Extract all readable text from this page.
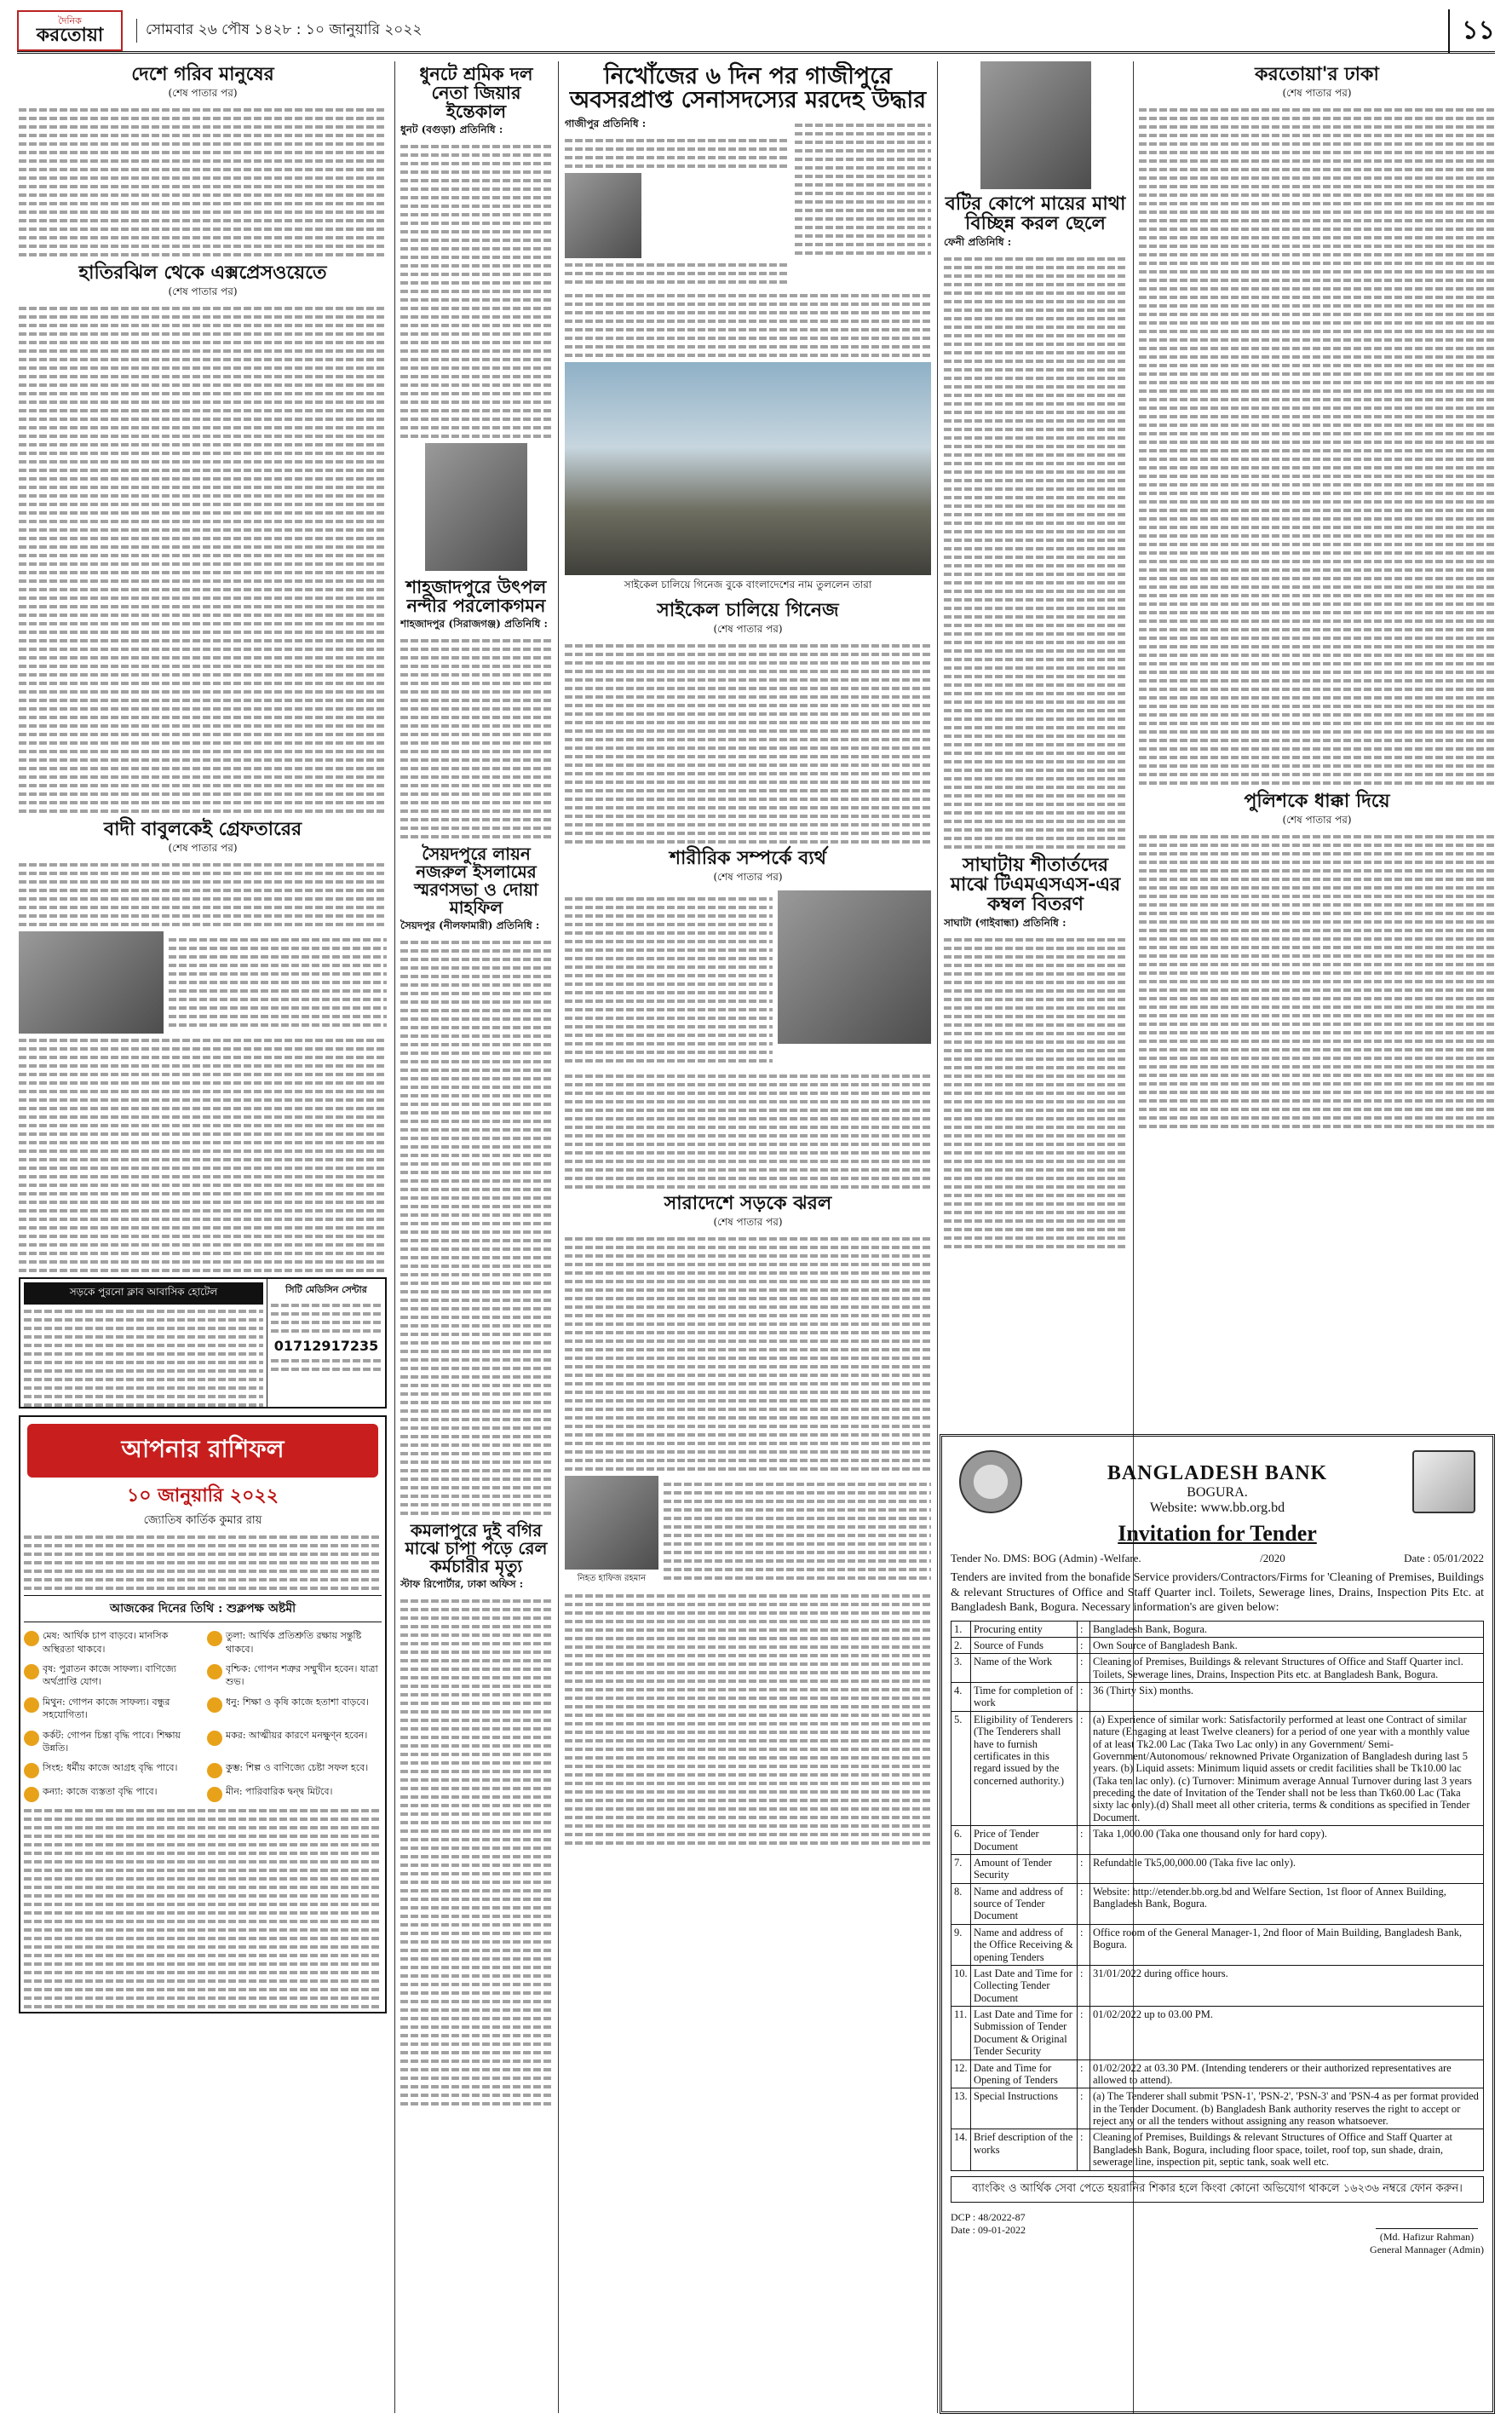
দৈনিক
করতোয়া	সোমবার ২৬ পৌষ ১৪২৮ : ১০ জানুয়ারি ২০২২	১১
দেশে গরিব মানুষের
(শেষ পাতার পর)
হাতিরঝিল থেকে এক্সপ্রেসওয়েতে
(শেষ পাতার পর)
বাদী বাবুলকেই গ্রেফতারের
(শেষ পাতার পর)
সড়কে পুরনো ক্লাব আবাসিক হোটেল	সিটি মেডিসিন সেন্টার
01712917235
আপনার রাশিফল
১০ জানুয়ারি ২০২২
জ্যোতিষ কার্তিক কুমার রায়
আজকের দিনের তিথি : শুক্লপক্ষ অষ্টমী
মেষ: আর্থিক চাপ বাড়বে। মানসিক অস্থিরতা থাকবে।
তুলা: আর্থিক প্রতিশ্রুতি রক্ষায় সন্তুষ্টি থাকবে।
বৃষ: পুরাতন কাজে সাফল্য। বাণিজ্যে অর্থপ্রাপ্তি যোগ।
বৃশ্চিক: গোপন শত্রুর সম্মুখীন হবেন। যাত্রা শুভ।
মিথুন: গোপন কাজে সাফল্য। বন্ধুর সহযোগিতা।
ধনু: শিক্ষা ও কৃষি কাজে হতাশা বাড়বে।
কর্কট: গোপন চিন্তা বৃদ্ধি পাবে। শিক্ষায় উন্নতি।
মকর: আত্মীয়র কারণে মনক্ষুণ্ন হবেন।
সিংহ: ধর্মীয় কাজে আগ্রহ বৃদ্ধি পাবে।	কুম্ভ: শিল্প ও বাণিজ্যে চেষ্টা সফল হবে।
কন্যা: কাজে ব্যস্ততা বৃদ্ধি পাবে।	মীন: পারিবারিক দ্বন্দ্ব মিটবে।
ধুনটে শ্রমিক দল নেতা জিয়ার ইন্তেকাল
ধুনট (বগুড়া) প্রতিনিধি :
শাহজাদপুরে উৎপল নন্দীর পরলোকগমন
শাহজাদপুর (সিরাজগঞ্জ) প্রতিনিধি :
সৈয়দপুরে লায়ন নজরুল ইসলামের স্মরণসভা ও দোয়া মাহফিল
সৈয়দপুর (নীলফামারী) প্রতিনিধি :
কমলাপুরে দুই বগির মাঝে চাপা পড়ে রেল কর্মচারীর মৃত্যু
স্টাফ রিপোর্টার, ঢাকা অফিস :
নিখোঁজের ৬ দিন পর গাজীপুরে অবসরপ্রাপ্ত সেনাসদস্যের মরদেহ উদ্ধার
গাজীপুর প্রতিনিধি :
সাইকেল চালিয়ে গিনেজ বুকে বাংলাদেশের নাম তুললেন তারা
সাইকেল চালিয়ে গিনেজ
(শেষ পাতার পর)
শারীরিক সম্পর্কে ব্যর্থ
(শেষ পাতার পর)
সারাদেশে সড়কে ঝরল
(শেষ পাতার পর)
নিহত হাফিজ রহমান
বটির কোপে মায়ের মাথা বিচ্ছিন্ন করল ছেলে
ফেনী প্রতিনিধি :
সাঘাটায় শীতার্তদের মাঝে টিএমএসএস-এর কম্বল বিতরণ
সাঘাটা (গাইবান্ধা) প্রতিনিধি :
করতোয়া'র ঢাকা
(শেষ পাতার পর)
পুলিশকে ধাক্কা দিয়ে
(শেষ পাতার পর)
BANGLADESH BANK
BOGURA.
Website: www.bb.org.bd
Invitation for Tender
Tender No. DMS: BOG (Admin) -Welfare.	/2020	Date : 05/01/2022
Tenders are invited from the bonafide Service providers/Contractors/Firms for 'Cleaning of Premises, Buildings & relevant Structures of Office and Staff Quarter incl. Toilets, Sewerage lines, Drains, Inspection Pits Etc. at Bangladesh Bank, Bogura. Necessary information's are given below:
1.	Procuring entity	:	Bangladesh Bank, Bogura.
2.	Source of Funds	:	Own Source of Bangladesh Bank.
3.	Name of the Work	:	Cleaning of Premises, Buildings & relevant Structures of Office and Staff Quarter incl. Toilets, Sewerage lines, Drains, Inspection Pits etc. at Bangladesh Bank, Bogura.
4.	Time for completion of work	:	36 (Thirty Six) months.
5.	Eligibility of Tenderers (The Tenderers shall have to furnish certificates in this regard issued by the concerned authority.)	:	(a) Experience of similar work: Satisfactorily performed at least one Contract of similar nature (Engaging at least Twelve cleaners) for a period of one year with a monthly value of at least Tk2.00 Lac (Taka Two Lac only) in any Government/ Semi-Government/Autonomous/ reknowned Private Organization of Bangladesh during last 5 years. (b) Liquid assets: Minimum liquid assets or credit facilities shall be Tk10.00 lac (Taka ten lac only). (c) Turnover: Minimum average Annual Turnover during last 3 years preceding the date of Invitation of the Tender shall not be less than Tk60.00 Lac (Taka sixty lac only).(d) Shall meet all other criteria, terms & conditions as specified in Tender Document.
6.	Price of Tender Document	:	Taka 1,000.00 (Taka one thousand only for hard copy).
7.	Amount of Tender Security	:	Refundable Tk5,00,000.00 (Taka five lac only).
8.	Name and address of source of Tender Document	:	Website: http://etender.bb.org.bd and Welfare Section, 1st floor of Annex Building, Bangladesh Bank, Bogura.
9.	Name and address of the Office Receiving & opening Tenders	:	Office room of the General Manager-1, 2nd floor of Main Building, Bangladesh Bank, Bogura.
10.	Last Date and Time for Collecting Tender Document	:	31/01/2022 during office hours.
11.	Last Date and Time for Submission of Tender Document & Original Tender Security	:	01/02/2022 up to 03.00 PM.
12.	Date and Time for Opening of Tenders	:	01/02/2022 at 03.30 PM. (Intending tenderers or their authorized representatives are allowed to attend).
13.	Special Instructions	:	(a) The Tenderer shall submit 'PSN-1', 'PSN-2', 'PSN-3' and 'PSN-4 as per format provided in the Tender Document. (b) Bangladesh Bank authority reserves the right to accept or reject any or all the tenders without assigning any reason whatsoever.
14.	Brief description of the works	:	Cleaning of Premises, Buildings & relevant Structures of Office and Staff Quarter at Bangladesh Bank, Bogura, including floor space, toilet, roof top, sun shade, drain, sewerage line, inspection pit, septic tank, soak well etc.
ব্যাংকিং ও আর্থিক সেবা পেতে হয়রানির শিকার হলে কিংবা কোনো অভিযোগ থাকলে ১৬২৩৬ নম্বরে ফোন করুন।
DCP : 48/2022-87
Date : 09-01-2022
(Md. Hafizur Rahman)
General Mannager (Admin)
